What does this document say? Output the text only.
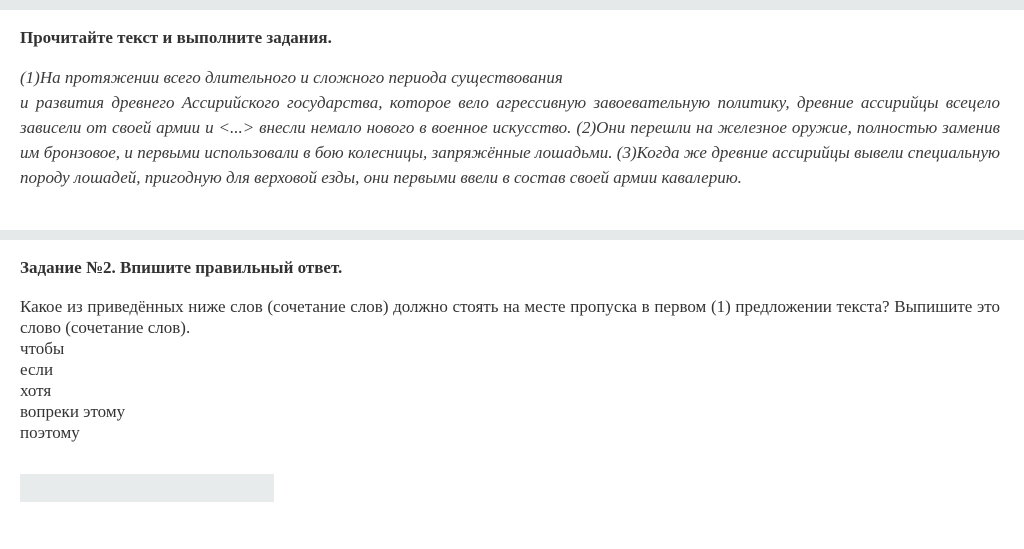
Прочитайте текст и выполните задания.

(1)На протяжении всего длительного и сложного периода существования
и развития древнего Ассирийского государства, которое вело агрессивную завоевательную политику, древние ассирийцы всецело зависели от своей армии и <...> внесли немало нового в военное искусство. (2)Они перешли на железное оружие, полностью заменив им бронзовое, и первыми использовали в бою колесницы, запряжённые лошадьми. (3)Когда же древние ассирийцы вывели специальную породу лошадей, пригодную для верховой езды, они первыми ввели в состав своей армии кавалерию.

Задание №2. Впишите правильный ответ.

Какое из приведённых ниже слов (сочетание слов) должно стоять на месте пропуска в первом (1) предложении текста? Выпишите это слово (сочетание слов).

чтобы
если
хотя
вопреки этому
поэтому
